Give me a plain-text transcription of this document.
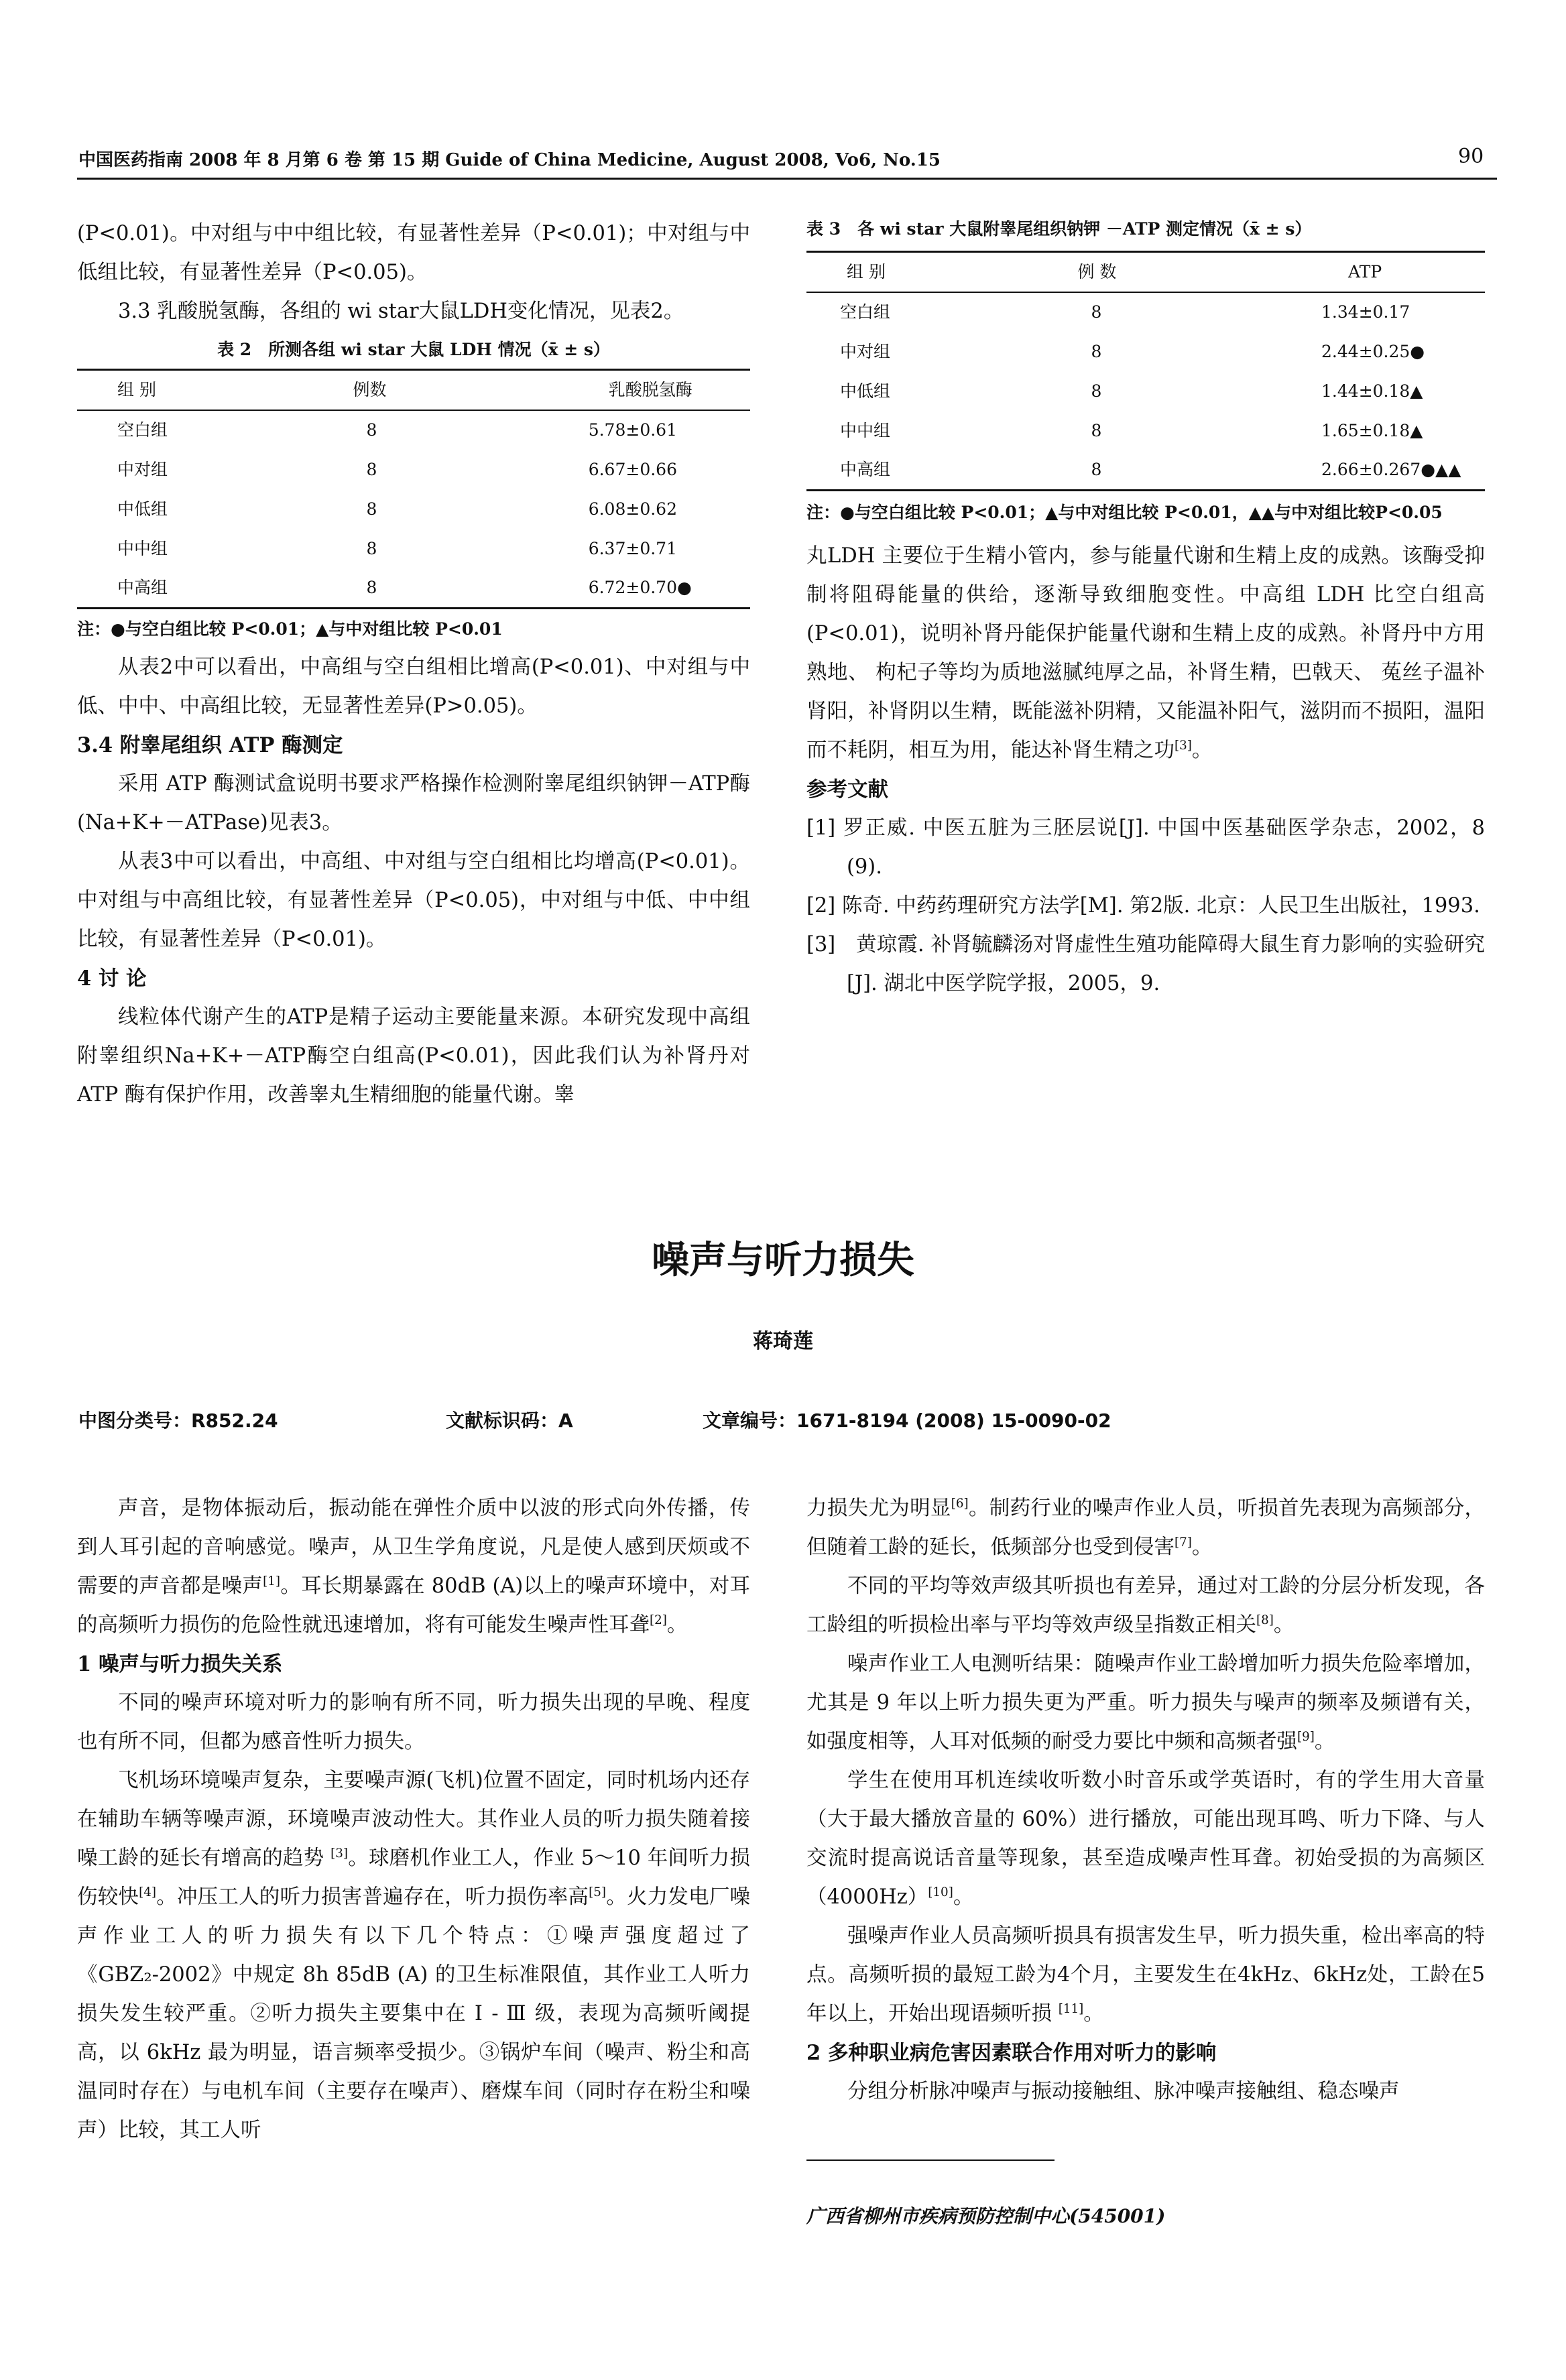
中国医药指南 2008 年 8 月第 6 卷 第 15 期 Guide of China Medicine, August 2008, Vo6, No.15	90

(P<0.01)。中对组与中中组比较，有显著性差异（P<0.01)；中对组与中低组比较，有显著性差异（P<0.05)。

3.3 乳酸脱氢酶，各组的 wi star大鼠LDH变化情况，见表2。

表 2　所测各组 wi star 大鼠 LDH 情况（x̄ ± s）
组 别	例数	乳酸脱氢酶
空白组	8	5.78±0.61
中对组	8	6.67±0.66
中低组	8	6.08±0.62
中中组	8	6.37±0.71
中高组	8	6.72±0.70●
注：●与空白组比较 P<0.01；▲与中对组比较 P<0.01

从表2中可以看出，中高组与空白组相比增高(P<0.01)、中对组与中低、中中、中高组比较，无显著性差异(P>0.05)。

3.4 附睾尾组织 ATP 酶测定

采用 ATP 酶测试盒说明书要求严格操作检测附睾尾组织钠钾－ATP酶(Na+K+－ATPase)见表3。

从表3中可以看出，中高组、中对组与空白组相比均增高(P<0.01)。中对组与中高组比较，有显著性差异（P<0.05)，中对组与中低、中中组比较，有显著性差异（P<0.01)。

4 讨 论

线粒体代谢产生的ATP是精子运动主要能量来源。本研究发现中高组附睾组织Na+K+－ATP酶空白组高(P<0.01)，因此我们认为补肾丹对 ATP 酶有保护作用，改善睾丸生精细胞的能量代谢。睾

表 3　各 wi star 大鼠附睾尾组织钠钾 －ATP 测定情况（x̄ ± s）
组 别	例 数	ATP
空白组	8	1.34±0.17
中对组	8	2.44±0.25●
中低组	8	1.44±0.18▲
中中组	8	1.65±0.18▲
中高组	8	2.66±0.267●▲▲
注：●与空白组比较 P<0.01；▲与中对组比较 P<0.01，▲▲与中对组比较P<0.05

丸LDH 主要位于生精小管内，参与能量代谢和生精上皮的成熟。该酶受抑制将阻碍能量的供给，逐渐导致细胞变性。中高组 LDH 比空白组高(P<0.01)，说明补肾丹能保护能量代谢和生精上皮的成熟。补肾丹中方用熟地、 枸杞子等均为质地滋腻纯厚之品，补肾生精，巴戟天、 菟丝子温补肾阳，补肾阴以生精，既能滋补阴精，又能温补阳气，滋阴而不损阳，温阳而不耗阴，相互为用，能达补肾生精之功[3]。

参考文献

[1] 罗正威. 中医五脏为三胚层说[J]. 中国中医基础医学杂志，2002，8 (9).

[2] 陈奇. 中药药理研究方法学[M]. 第2版. 北京：人民卫生出版社，1993.

[3]　黄琼霞. 补肾毓麟汤对肾虚性生殖功能障碍大鼠生育力影响的实验研究[J]. 湖北中医学院学报，2005，9.

噪声与听力损失
蒋琦莲
中图分类号：R852.24	文献标识码：A	文章编号：1671-8194 (2008) 15-0090-02

声音，是物体振动后，振动能在弹性介质中以波的形式向外传播，传到人耳引起的音响感觉。噪声，从卫生学角度说，凡是使人感到厌烦或不需要的声音都是噪声[1]。耳长期暴露在 80dB (A)以上的噪声环境中，对耳的高频听力损伤的危险性就迅速增加，将有可能发生噪声性耳聋[2]。

1 噪声与听力损失关系

不同的噪声环境对听力的影响有所不同，听力损失出现的早晚、程度也有所不同，但都为感音性听力损失。

飞机场环境噪声复杂，主要噪声源(飞机)位置不固定，同时机场内还存在辅助车辆等噪声源，环境噪声波动性大。其作业人员的听力损失随着接噪工龄的延长有增高的趋势 [3]。球磨机作业工人，作业 5～10 年间听力损伤较快[4]。冲压工人的听力损害普遍存在，听力损伤率高[5]。火力发电厂噪声作业工人的听力损失有以下几个特点：①噪声强度超过了《GBZ₂-2002》中规定 8h 85dB (A) 的卫生标准限值，其作业工人听力损失发生较严重。②听力损失主要集中在 Ⅰ - Ⅲ 级，表现为高频听阈提高，以 6kHz 最为明显，语言频率受损少。③锅炉车间（噪声、粉尘和高温同时存在）与电机车间（主要存在噪声）、磨煤车间（同时存在粉尘和噪声）比较，其工人听

力损失尤为明显[6]。制药行业的噪声作业人员，听损首先表现为高频部分，但随着工龄的延长，低频部分也受到侵害[7]。

不同的平均等效声级其听损也有差异，通过对工龄的分层分析发现，各工龄组的听损检出率与平均等效声级呈指数正相关[8]。

噪声作业工人电测听结果：随噪声作业工龄增加听力损失危险率增加，尤其是 9 年以上听力损失更为严重。听力损失与噪声的频率及频谱有关，如强度相等，人耳对低频的耐受力要比中频和高频者强[9]。

学生在使用耳机连续收听数小时音乐或学英语时，有的学生用大音量（大于最大播放音量的 60%）进行播放，可能出现耳鸣、听力下降、与人交流时提高说话音量等现象，甚至造成噪声性耳聋。初始受损的为高频区（4000Hz）[10]。

强噪声作业人员高频听损具有损害发生早，听力损失重，检出率高的特点。高频听损的最短工龄为4个月，主要发生在4kHz、6kHz处，工龄在5年以上，开始出现语频听损 [11]。

2 多种职业病危害因素联合作用对听力的影响

分组分析脉冲噪声与振动接触组、脉冲噪声接触组、稳态噪声

广西省柳州市疾病预防控制中心(545001)
